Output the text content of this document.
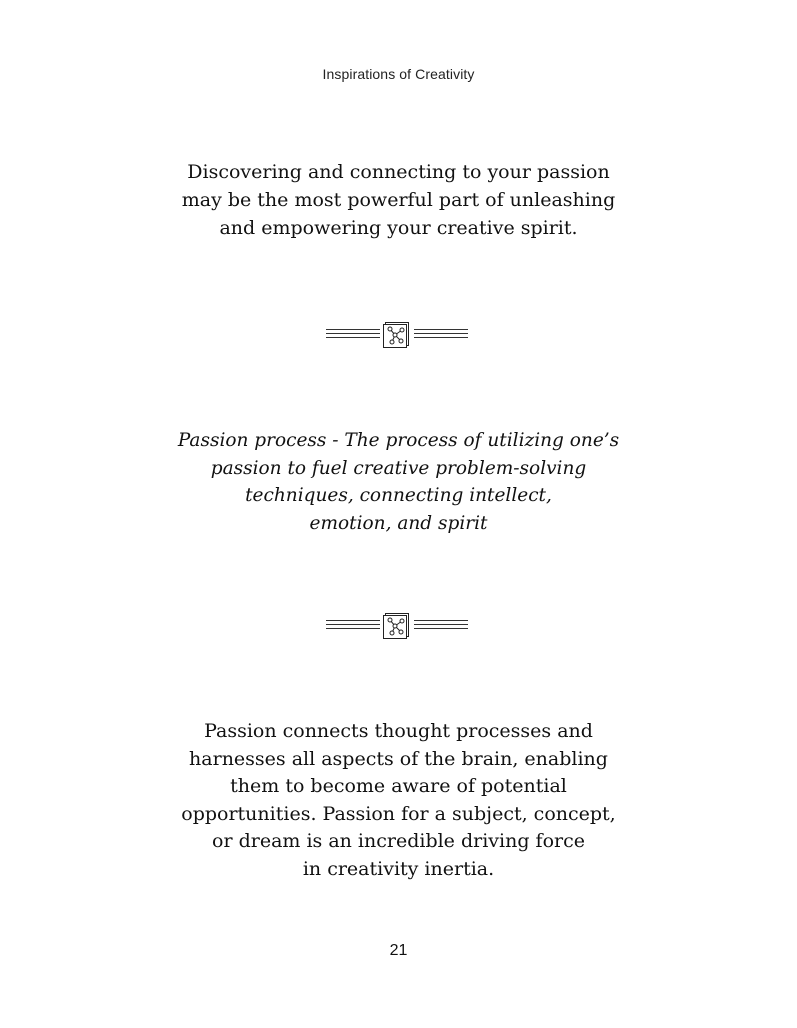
Inspirations of Creativity
Discovering and connecting to your passion
may be the most powerful part of unleashing
and empowering your creative spirit.
Passion process - The process of utilizing one’s
passion to fuel creative problem-solving
techniques, connecting intellect,
emotion, and spirit
Passion connects thought processes and
harnesses all aspects of the brain, enabling
them to become aware of potential
opportunities. Passion for a subject, concept,
or dream is an incredible driving force
in creativity inertia.
21
